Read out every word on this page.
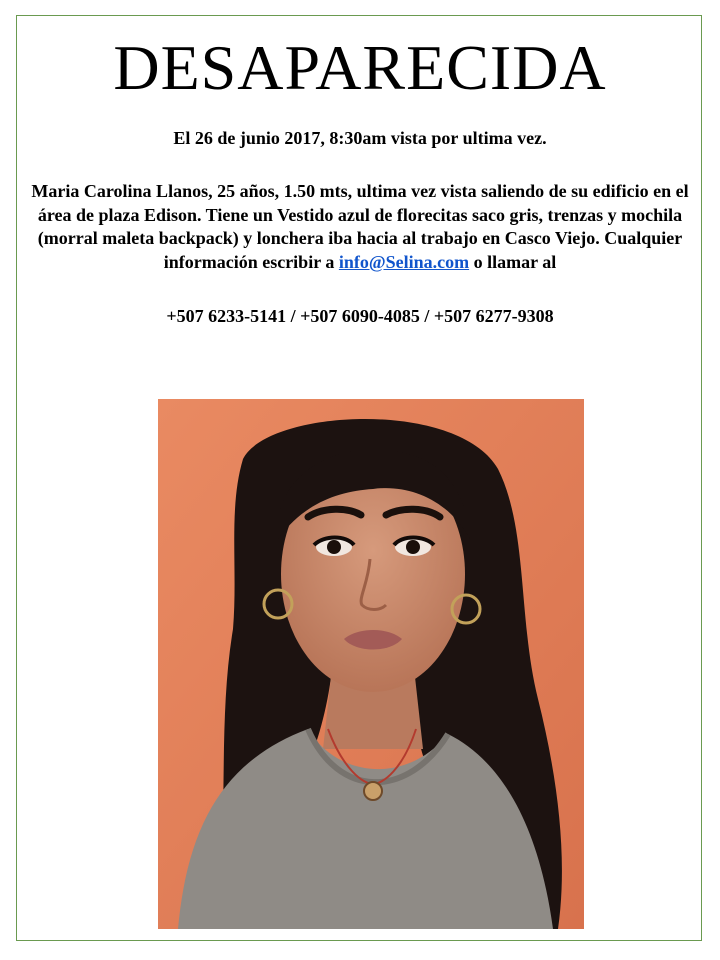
DESAPARECIDA

El 26 de junio 2017, 8:30am vista por ultima vez.

Maria Carolina Llanos, 25 años, 1.50 mts, ultima vez vista saliendo de su edificio en el área de plaza Edison. Tiene un Vestido azul de florecitas saco gris, trenzas y mochila (morral maleta backpack) y lonchera iba hacia al trabajo en Casco Viejo. Cualquier información escribir a info@Selina.com o llamar al

+507 6233-5141 / +507 6090-4085 / +507 6277-9308
